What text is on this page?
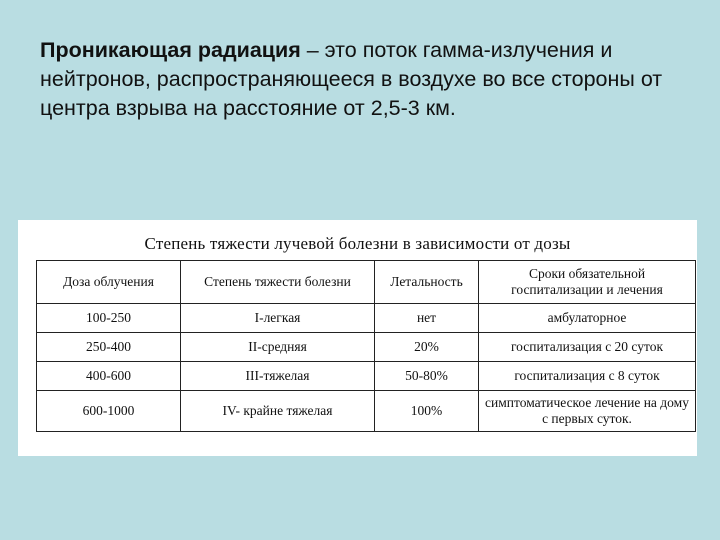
Проникающая радиация – это поток гамма-излучения и нейтронов, распространяющееся в воздухе во все стороны от центра взрыва на расстояние от 2,5-3 км.

Степень тяжести лучевой болезни в зависимости от дозы
Доза облучения	Степень тяжести болезни	Летальность	Сроки обязательной госпитализации и лечения
100-250	I-легкая	нет	амбулаторное
250-400	II-средняя	20%	госпитализация с 20 суток
400-600	III-тяжелая	50-80%	госпитализация с 8 суток
600-1000	IV- крайне тяжелая	100%	симптоматическое лечение на дому с первых суток.
